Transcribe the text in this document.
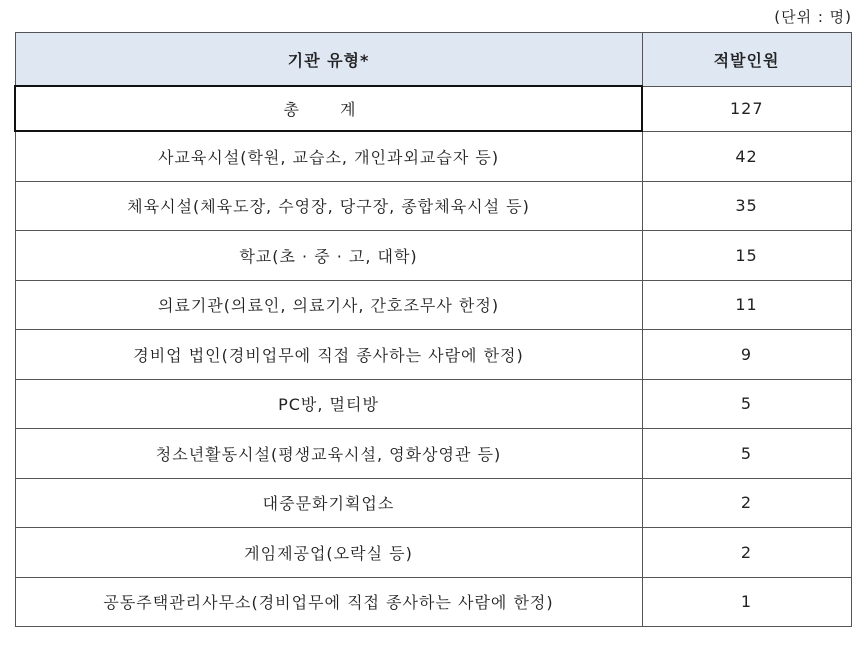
(단위 : 명)
기관 유형*	적발인원
총 계	127
사교육시설(학원, 교습소, 개인과외교습자 등)	42
체육시설(체육도장, 수영장, 당구장, 종합체육시설 등)	35
학교(초 · 중 · 고, 대학)	15
의료기관(의료인, 의료기사, 간호조무사 한정)	11
경비업 법인(경비업무에 직접 종사하는 사람에 한정)	9
PC방, 멀티방	5
청소년활동시설(평생교육시설, 영화상영관 등)	5
대중문화기획업소	2
게임제공업(오락실 등)	2
공동주택관리사무소(경비업무에 직접 종사하는 사람에 한정)	1
